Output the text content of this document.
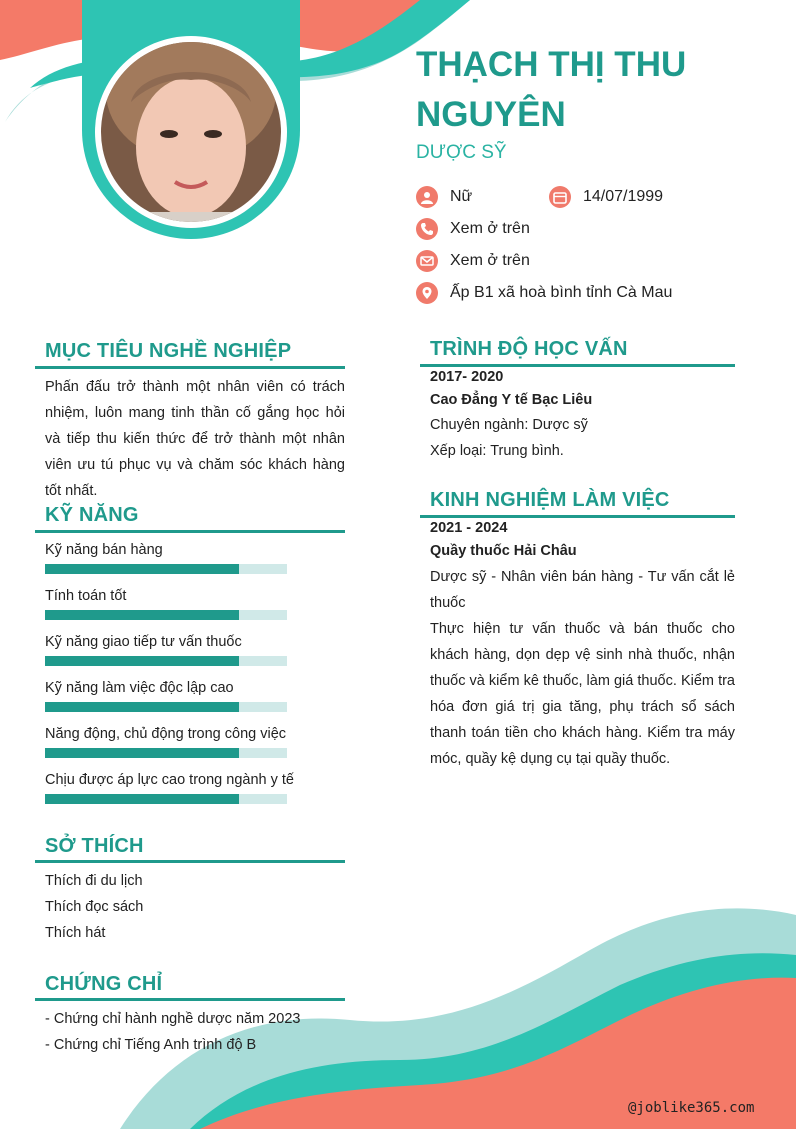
THẠCH THỊ THU NGUYÊN
DƯỢC SỸ
Nữ	14/07/1999
Xem ở trên
Xem ở trên
Ấp B1 xã hoà bình tỉnh Cà Mau
MỤC TIÊU NGHỀ NGHIỆP

Phấn đấu trở thành một nhân viên có trách nhiệm, luôn mang tinh thần cố gắng học hỏi và tiếp thu kiến thức để trở thành một nhân viên ưu tú phục vụ và chăm sóc khách hàng tốt nhất.

KỸ NĂNG
Kỹ năng bán hàng
Tính toán tốt
Kỹ năng giao tiếp tư vấn thuốc
Kỹ năng làm việc độc lập cao
Năng động, chủ động trong công việc
Chịu được áp lực cao trong ngành y tế
SỞ THÍCH
Thích đi du lịch
Thích đọc sách
Thích hát
CHỨNG CHỈ
- Chứng chỉ hành nghề dược năm 2023
- Chứng chỉ Tiếng Anh trình độ B
TRÌNH ĐỘ HỌC VẤN
2017- 2020
Cao Đẳng Y tế Bạc Liêu
Chuyên ngành: Dược sỹ
Xếp loại: Trung bình.
KINH NGHIỆM LÀM VIỆC
2021 - 2024
Quầy thuốc Hải Châu

Dược sỹ - Nhân viên bán hàng - Tư vấn cắt lẻ thuốc

Thực hiện tư vấn thuốc và bán thuốc cho khách hàng, dọn dẹp vệ sinh nhà thuốc, nhận thuốc và kiểm kê thuốc, làm giá thuốc. Kiểm tra hóa đơn giá trị gia tăng, phụ trách sổ sách thanh toán tiền cho khách hàng. Kiểm tra máy móc, quầy kệ dụng cụ tại quầy thuốc.

@joblike365.com
